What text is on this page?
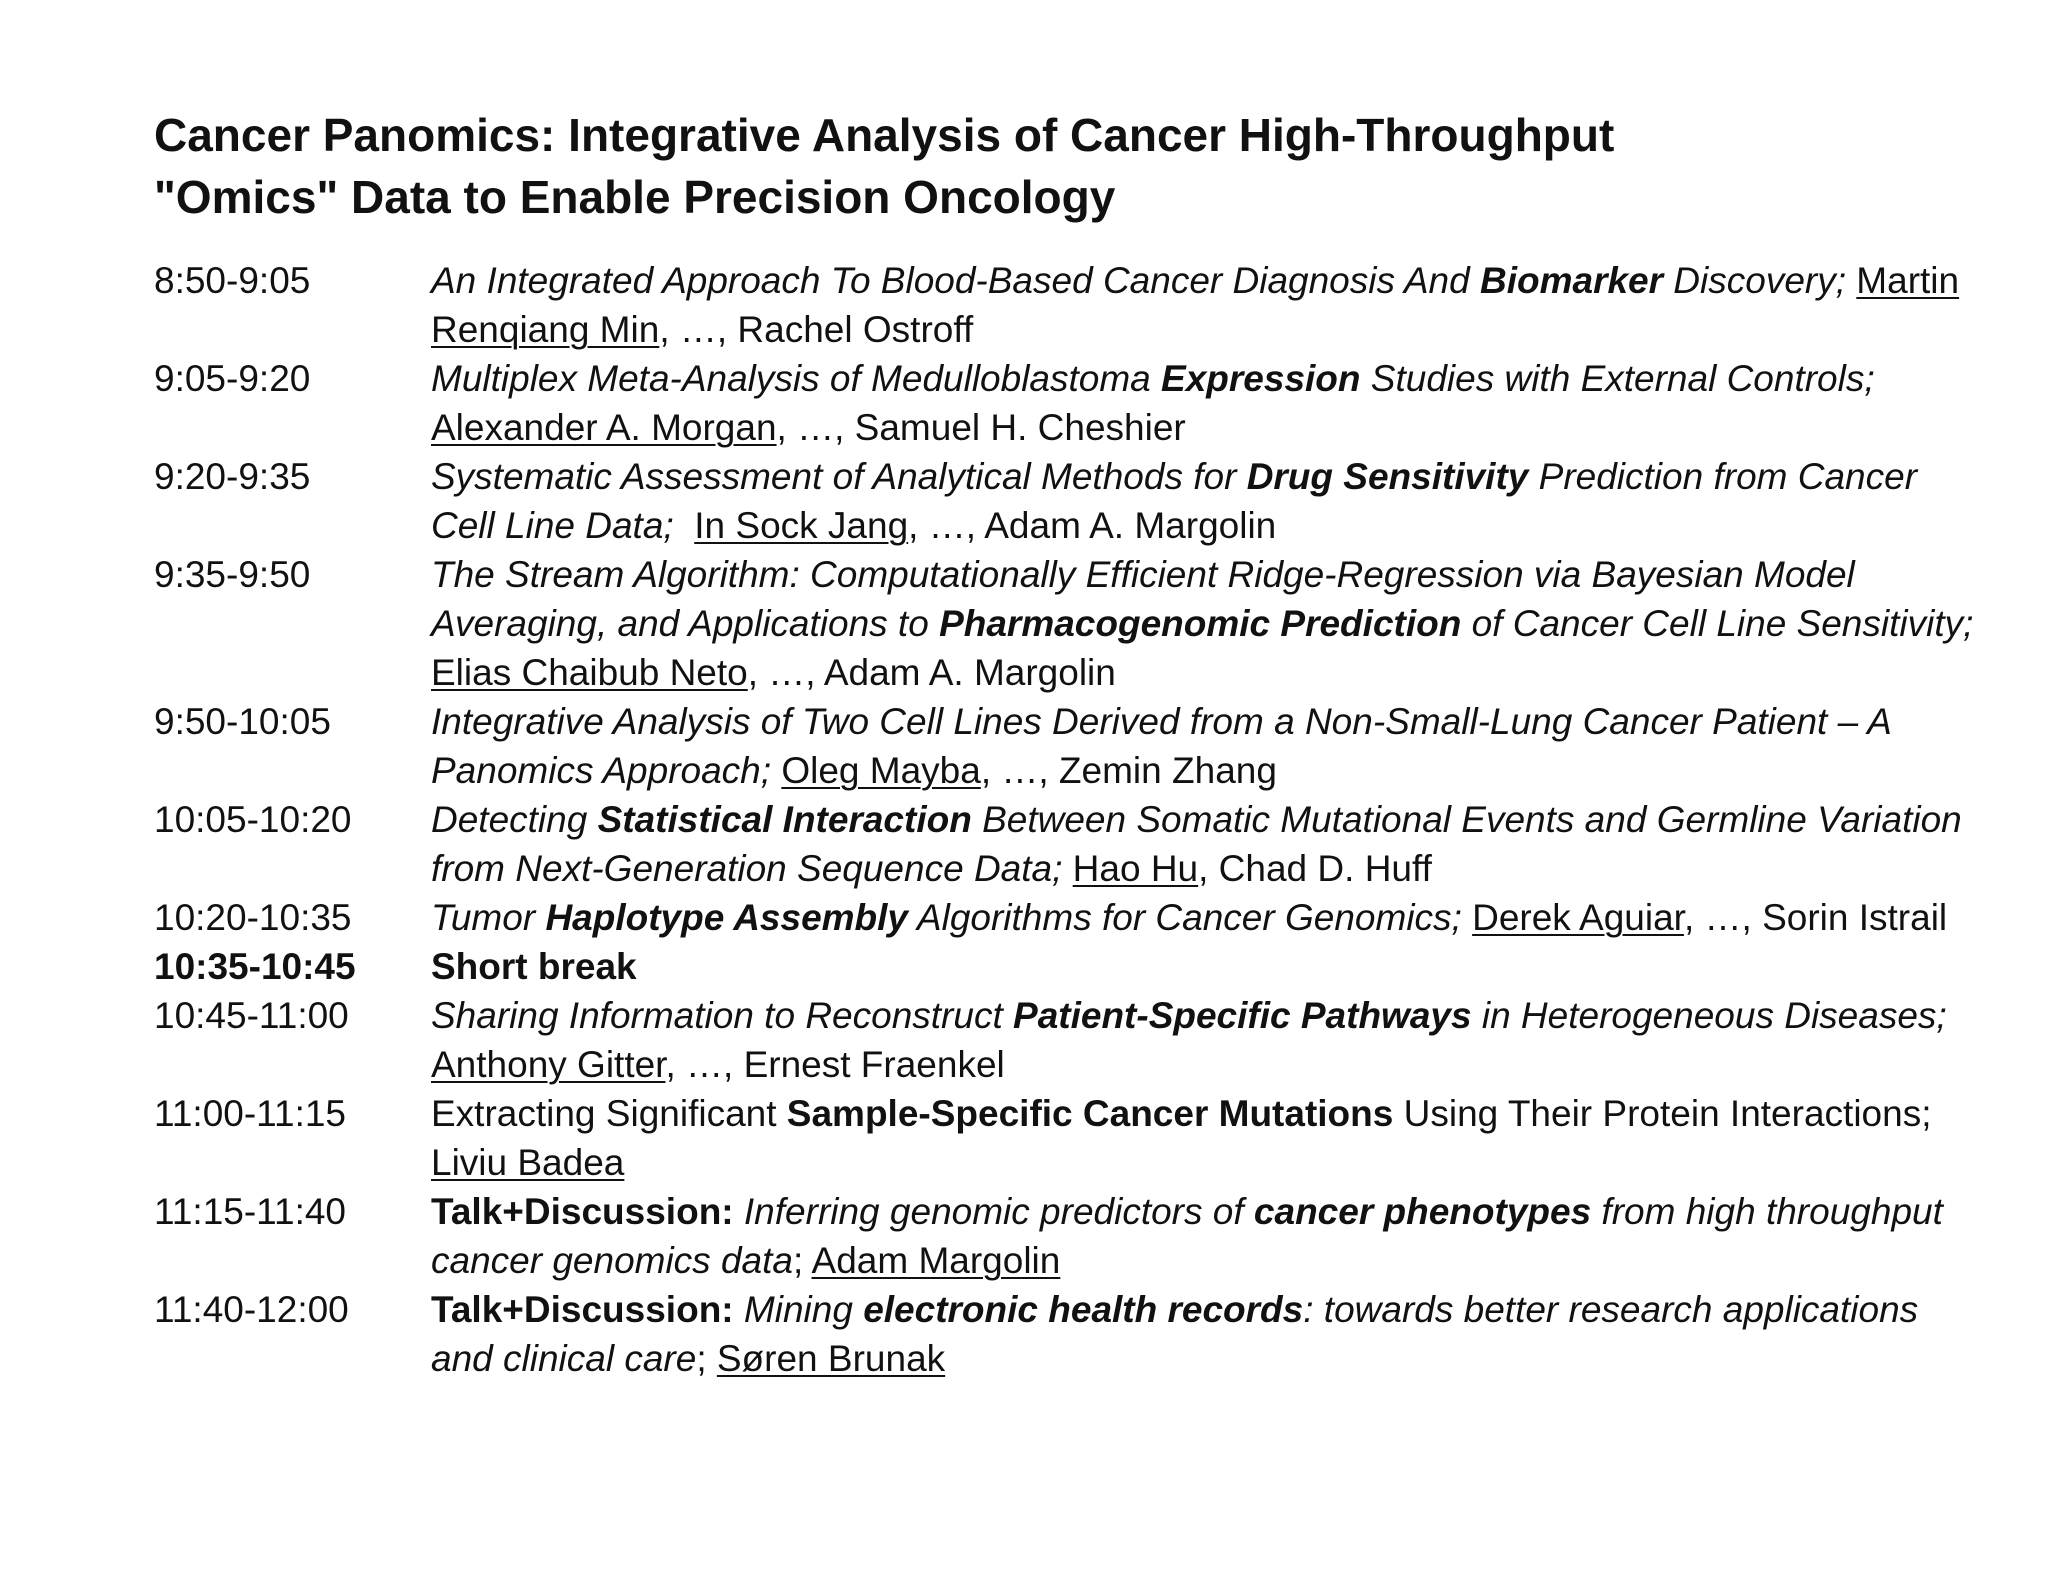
Cancer Panomics: Integrative Analysis of Cancer High-Throughput
"Omics" Data to Enable Precision Oncology
8:50-9:05	An Integrated Approach To Blood-Based Cancer Diagnosis And Biomarker Discovery; Martin Renqiang Min, …, Rachel Ostroff
9:05-9:20	Multiplex Meta-Analysis of Medulloblastoma Expression Studies with External Controls; Alexander A. Morgan, …, Samuel H. Cheshier
9:20-9:35	Systematic Assessment of Analytical Methods for Drug Sensitivity Prediction from Cancer Cell Line Data; In Sock Jang, …, Adam A. Margolin
9:35-9:50	The Stream Algorithm: Computationally Efficient Ridge-Regression via Bayesian Model Averaging, and Applications to Pharmacogenomic Prediction of Cancer Cell Line Sensitivity; Elias Chaibub Neto, …, Adam A. Margolin
9:50-10:05	Integrative Analysis of Two Cell Lines Derived from a Non-Small-Lung Cancer Patient – A Panomics Approach; Oleg Mayba, …, Zemin Zhang
10:05-10:20	Detecting Statistical Interaction Between Somatic Mutational Events and Germline Variation from Next-Generation Sequence Data; Hao Hu, Chad D. Huff
10:20-10:35	Tumor Haplotype Assembly Algorithms for Cancer Genomics; Derek Aguiar, …, Sorin Istrail
10:35-10:45	Short break
10:45-11:00	Sharing Information to Reconstruct Patient-Specific Pathways in Heterogeneous Diseases; Anthony Gitter, …, Ernest Fraenkel
11:00-11:15	Extracting Significant Sample-Specific Cancer Mutations Using Their Protein Interactions; Liviu Badea
11:15-11:40	Talk+Discussion: Inferring genomic predictors of cancer phenotypes from high throughput cancer genomics data; Adam Margolin
11:40-12:00	Talk+Discussion: Mining electronic health records: towards better research applications and clinical care; Søren Brunak
